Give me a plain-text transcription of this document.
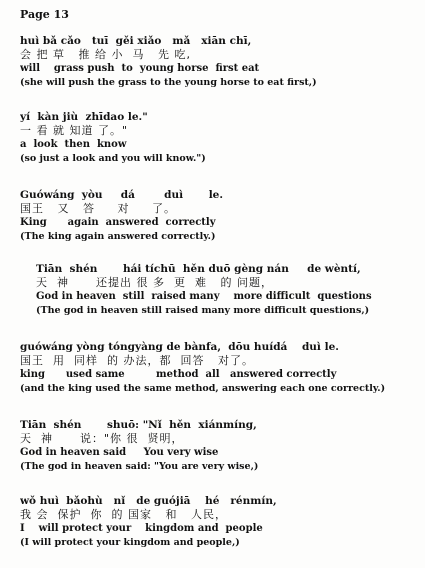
Page 13
huì bǎ cǎo   tuī  gěi xiǎo   mǎ   xiān chī,
会 把 草   推 给 小  马   先 吃,
will    grass push  to  young horse  first eat
(she will push the grass to the young horse to eat first,)
yí  kàn jiù  zhīdao le."
一 看 就 知道 了。"
a  look  then  know
(so just a look and you will know.")
Guówáng  yòu     dá        duì       le.
国王   又   答     对     了。
King      again  answered  correctly
(The king again answered correctly.)
Tiān  shén       hái tíchū  hěn duō gèng nán     de wèntí,
天  神      还提出 很 多  更  难   的 问题，
God in heaven  still  raised many    more difficult  questions
(The god in heaven still raised many more difficult questions,)
guówáng yòng tóngyàng de bànfa,  dōu huídá    duì le.
国王  用  同样  的 办法，都  回答   对了。
king      used same         method  all   answered correctly
(and the king used the same method, answering each one correctly.)
Tiān  shén       shuō: "Nǐ  hěn  xiánmíng,
天  神      说："你 很  贤明，
God in heaven said     You very wise
(The god in heaven said: "You are very wise,)
wǒ huì  bǎohù   nǐ   de guójiā    hé   rénmín,
我 会  保护  你  的 国家   和   人民，
I    will protect your    kingdom and  people
(I will protect your kingdom and people,)
